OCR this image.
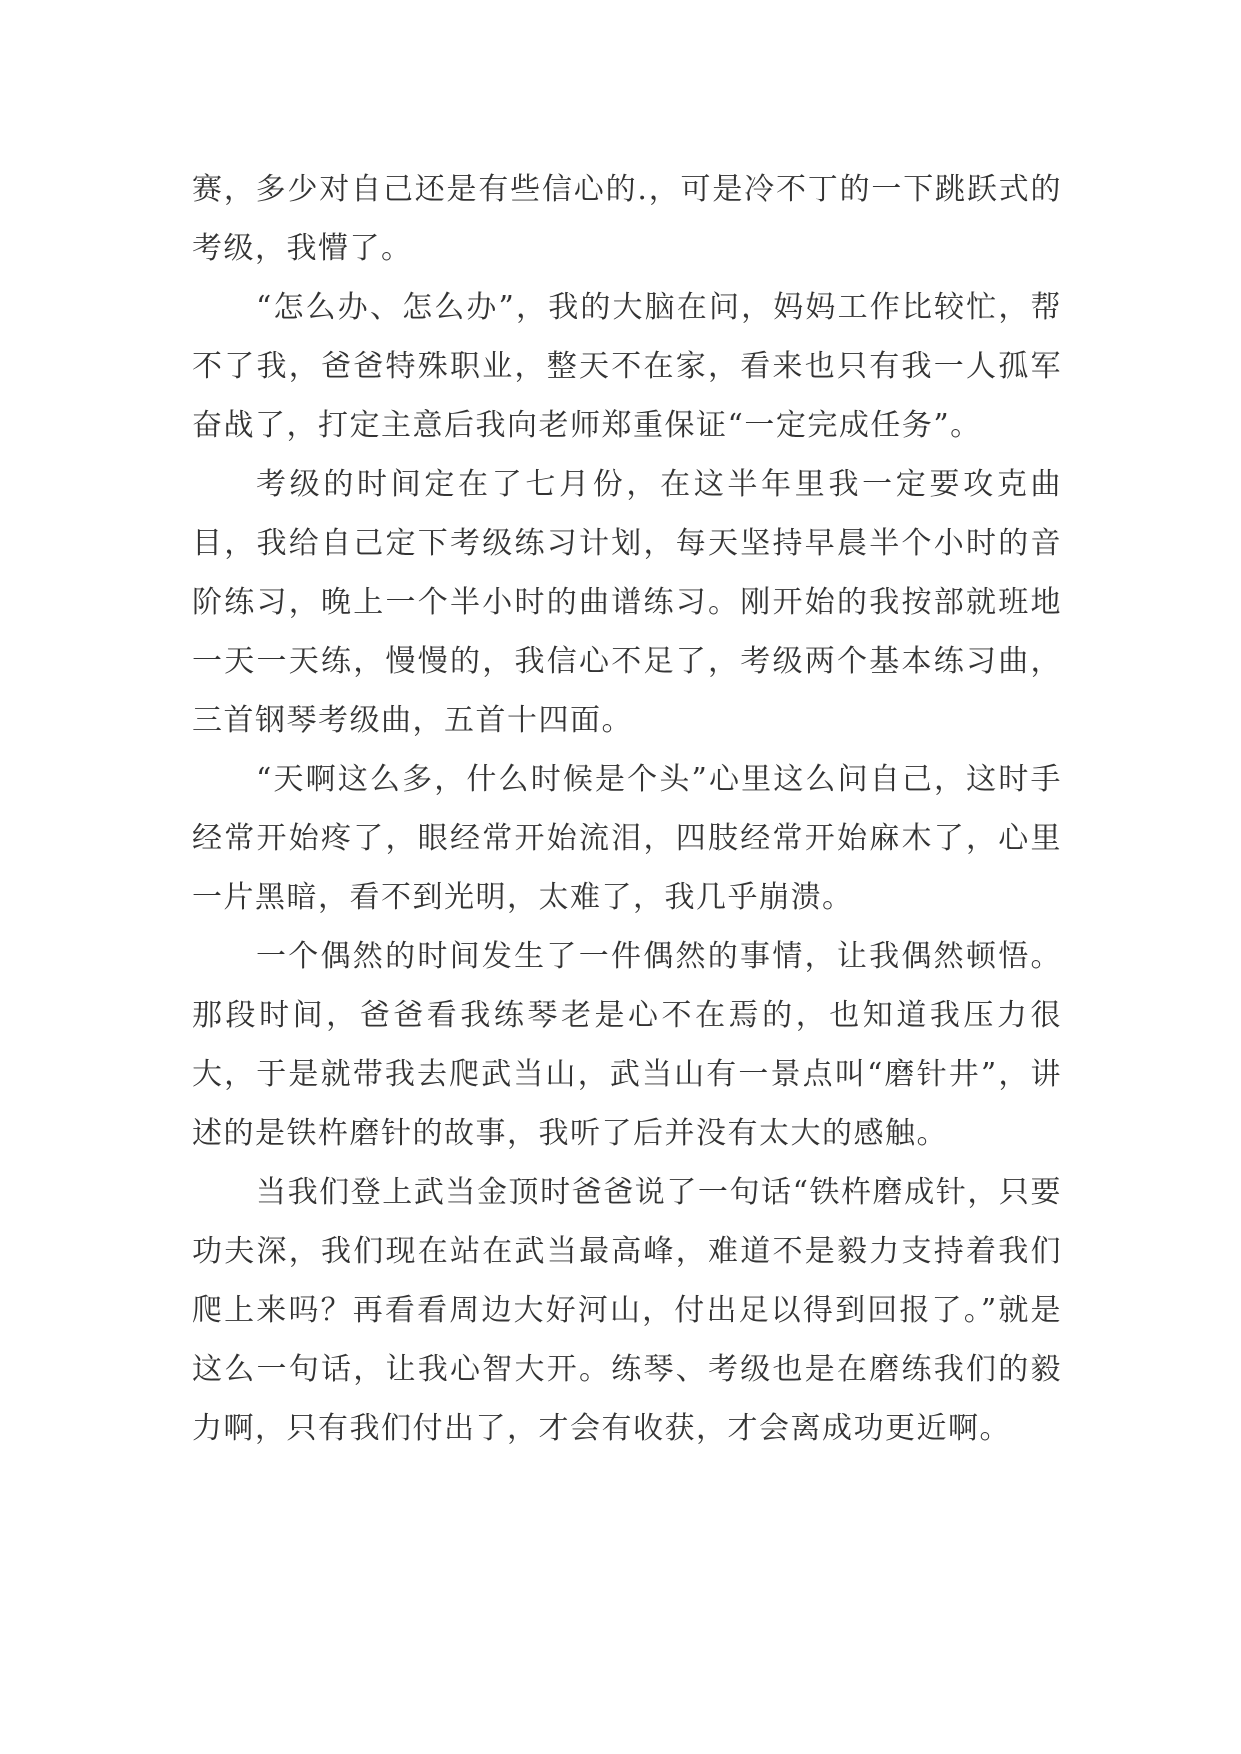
赛，多少对自己还是有些信心的.，可是冷不丁的一下跳跃式的考级，我懵了。

“怎么办、怎么办”，我的大脑在问，妈妈工作比较忙，帮不了我，爸爸特殊职业，整天不在家，看来也只有我一人孤军奋战了，打定主意后我向老师郑重保证“一定完成任务”。

考级的时间定在了七月份，在这半年里我一定要攻克曲目，我给自己定下考级练习计划，每天坚持早晨半个小时的音阶练习，晚上一个半小时的曲谱练习。刚开始的我按部就班地一天一天练，慢慢的，我信心不足了，考级两个基本练习曲，三首钢琴考级曲，五首十四面。

“天啊这么多，什么时候是个头”心里这么问自己，这时手经常开始疼了，眼经常开始流泪，四肢经常开始麻木了，心里一片黑暗，看不到光明，太难了，我几乎崩溃。

一个偶然的时间发生了一件偶然的事情，让我偶然顿悟。那段时间，爸爸看我练琴老是心不在焉的，也知道我压力很大，于是就带我去爬武当山，武当山有一景点叫“磨针井”，讲述的是铁杵磨针的故事，我听了后并没有太大的感触。

当我们登上武当金顶时爸爸说了一句话“铁杵磨成针，只要功夫深，我们现在站在武当最高峰，难道不是毅力支持着我们爬上来吗？再看看周边大好河山，付出足以得到回报了。”就是这么一句话，让我心智大开。练琴、考级也是在磨练我们的毅力啊，只有我们付出了，才会有收获，才会离成功更近啊。
